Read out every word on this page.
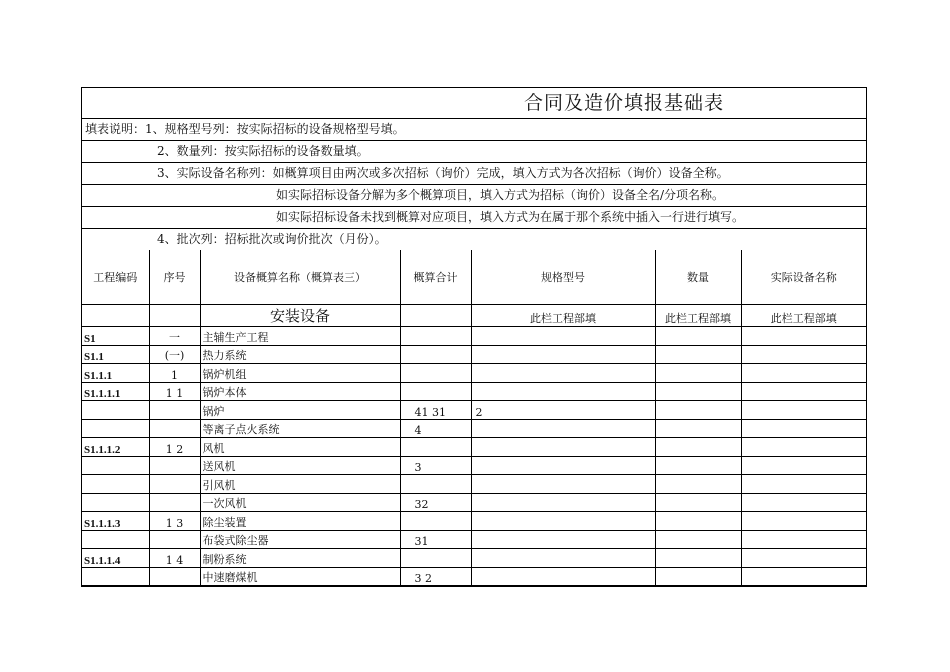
合同及造价填报基础表
填表说明：1、规格型号列：按实际招标的设备规格型号填。
2、数量列：按实际招标的设备数量填。
3、实际设备名称列：如概算项目由两次或多次招标（询价）完成，填入方式为各次招标（询价）设备全称。
如实际招标设备分解为多个概算项目，填入方式为招标（询价）设备全名/分项名称。
如实际招标设备未找到概算对应项目，填入方式为在属于那个系统中插入一行进行填写。
4、批次列：招标批次或询价批次（月份）。
工程编码	序号	设备概算名称（概算表三）	概算合计	规格型号	数量	实际设备名称
		安装设备		此栏工程部填	此栏工程部填	此栏工程部填
S1	一	主辅生产工程				
S1.1	(一)	热力系统				
S1.1.1	1	锅炉机组				
S1.1.1.1	1 1	锅炉本体				
		锅炉	41 31	2		
		等离子点火系统	4			
S1.1.1.2	1 2	风机				
		送风机	3			
		引风机				
		一次风机	32			
S1.1.1.3	1 3	除尘装置				
		布袋式除尘器	31			
S1.1.1.4	1 4	制粉系统				
		中速磨煤机	3 2			
